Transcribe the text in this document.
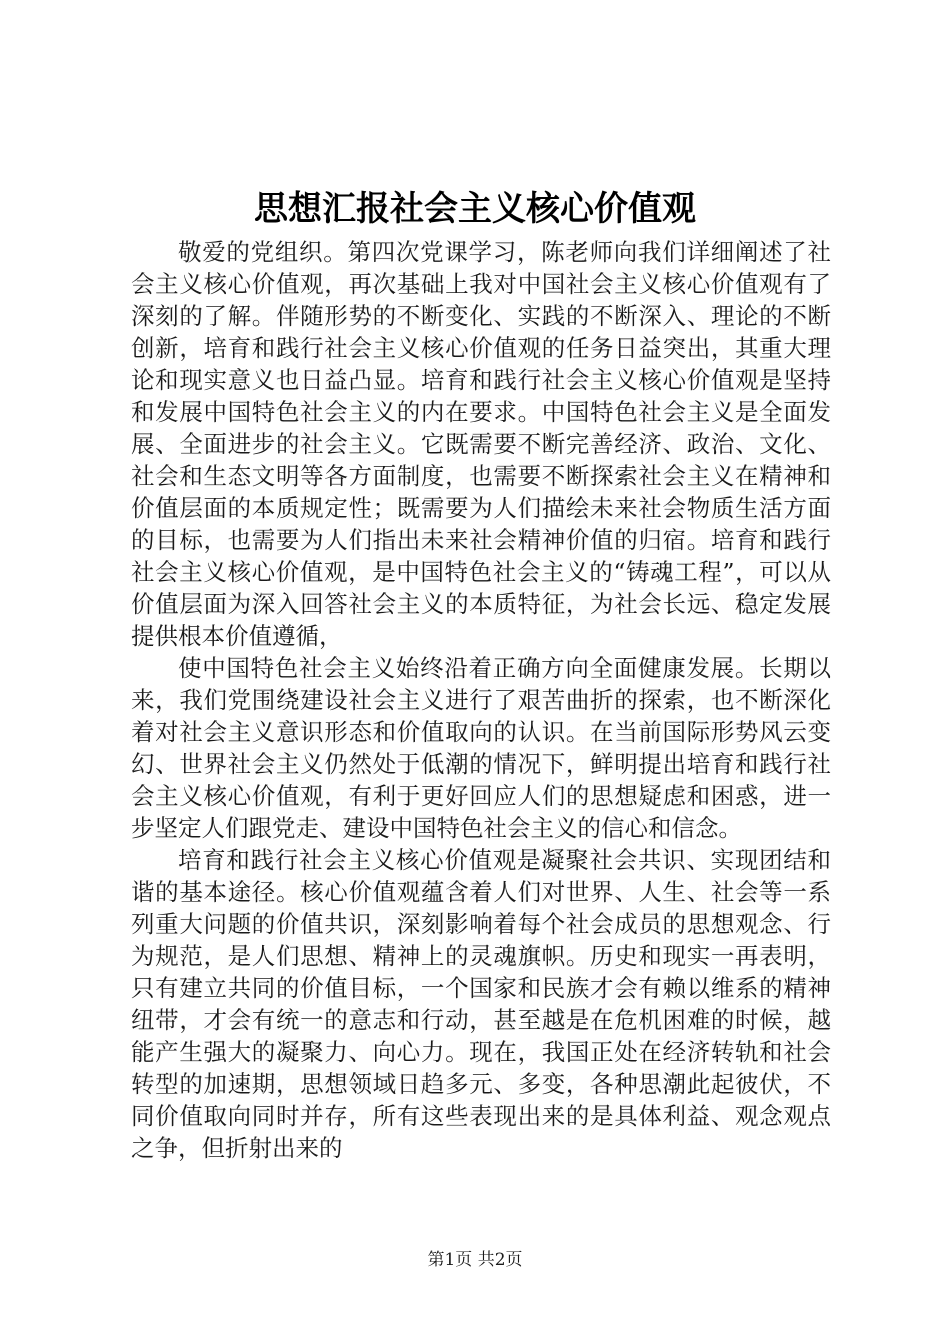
思想汇报社会主义核心价值观

敬爱的党组织。第四次党课学习，陈老师向我们详细阐述了社会主义核心价值观，再次基础上我对中国社会主义核心价值观有了深刻的了解。伴随形势的不断变化、实践的不断深入、理论的不断创新，培育和践行社会主义核心价值观的任务日益突出，其重大理论和现实意义也日益凸显。培育和践行社会主义核心价值观是坚持和发展中国特色社会主义的内在要求。中国特色社会主义是全面发展、全面进步的社会主义。它既需要不断完善经济、政治、文化、社会和生态文明等各方面制度，也需要不断探索社会主义在精神和价值层面的本质规定性；既需要为人们描绘未来社会物质生活方面的目标，也需要为人们指出未来社会精神价值的归宿。培育和践行社会主义核心价值观，是中国特色社会主义的“铸魂工程”，可以从价值层面为深入回答社会主义的本质特征，为社会长远、稳定发展提供根本价值遵循，

使中国特色社会主义始终沿着正确方向全面健康发展。长期以来，我们党围绕建设社会主义进行了艰苦曲折的探索，也不断深化着对社会主义意识形态和价值取向的认识。在当前国际形势风云变幻、世界社会主义仍然处于低潮的情况下，鲜明提出培育和践行社会主义核心价值观，有利于更好回应人们的思想疑虑和困惑，进一步坚定人们跟党走、建设中国特色社会主义的信心和信念。

培育和践行社会主义核心价值观是凝聚社会共识、实现团结和谐的基本途径。核心价值观蕴含着人们对世界、人生、社会等一系列重大问题的价值共识，深刻影响着每个社会成员的思想观念、行为规范，是人们思想、精神上的灵魂旗帜。历史和现实一再表明，只有建立共同的价值目标，一个国家和民族才会有赖以维系的精神纽带，才会有统一的意志和行动，甚至越是在危机困难的时候，越能产生强大的凝聚力、向心力。现在，我国正处在经济转轨和社会转型的加速期，思想领域日趋多元、多变，各种思潮此起彼伏，不同价值取向同时并存，所有这些表现出来的是具体利益、观念观点之争，但折射出来的

第1页 共2页
